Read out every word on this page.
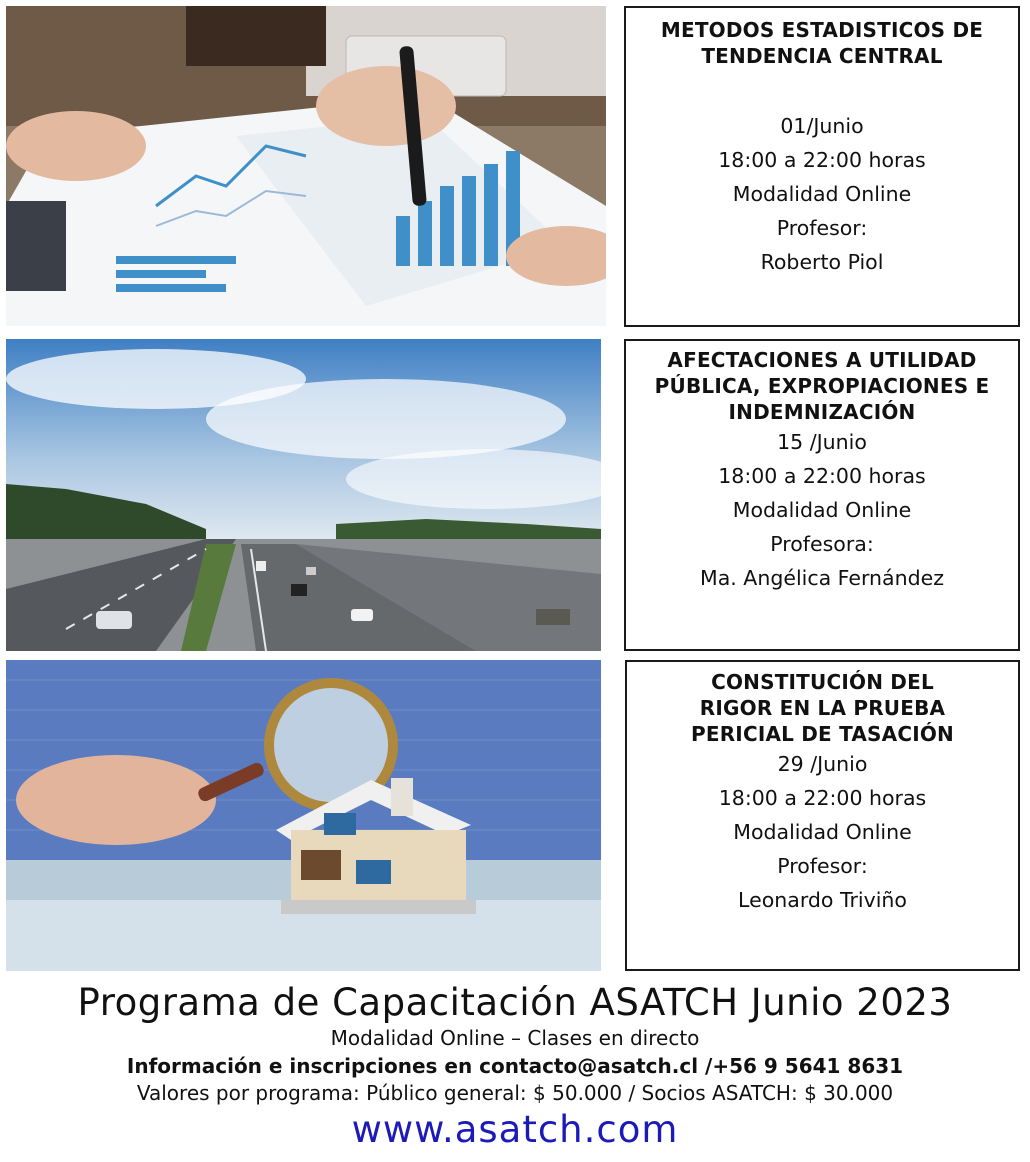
METODOS ESTADISTICOS DE
TENDENCIA CENTRAL
01/Junio
18:00 a 22:00 horas
Modalidad Online
Profesor:
Roberto Piol
AFECTACIONES A UTILIDAD
PÚBLICA, EXPROPIACIONES E
INDEMNIZACIÓN
15 /Junio
18:00 a 22:00 horas
Modalidad Online
Profesora:
Ma. Angélica Fernández
CONSTITUCIÓN DEL
RIGOR EN LA PRUEBA
PERICIAL DE TASACIÓN
29 /Junio
18:00 a 22:00 horas
Modalidad Online
Profesor:
Leonardo Triviño
Programa de Capacitación ASATCH Junio 2023
Modalidad Online – Clases en directo
Información e inscripciones en contacto@asatch.cl /+56 9 5641 8631
Valores por programa: Público general: $ 50.000 / Socios ASATCH: $ 30.000
www.asatch.com
